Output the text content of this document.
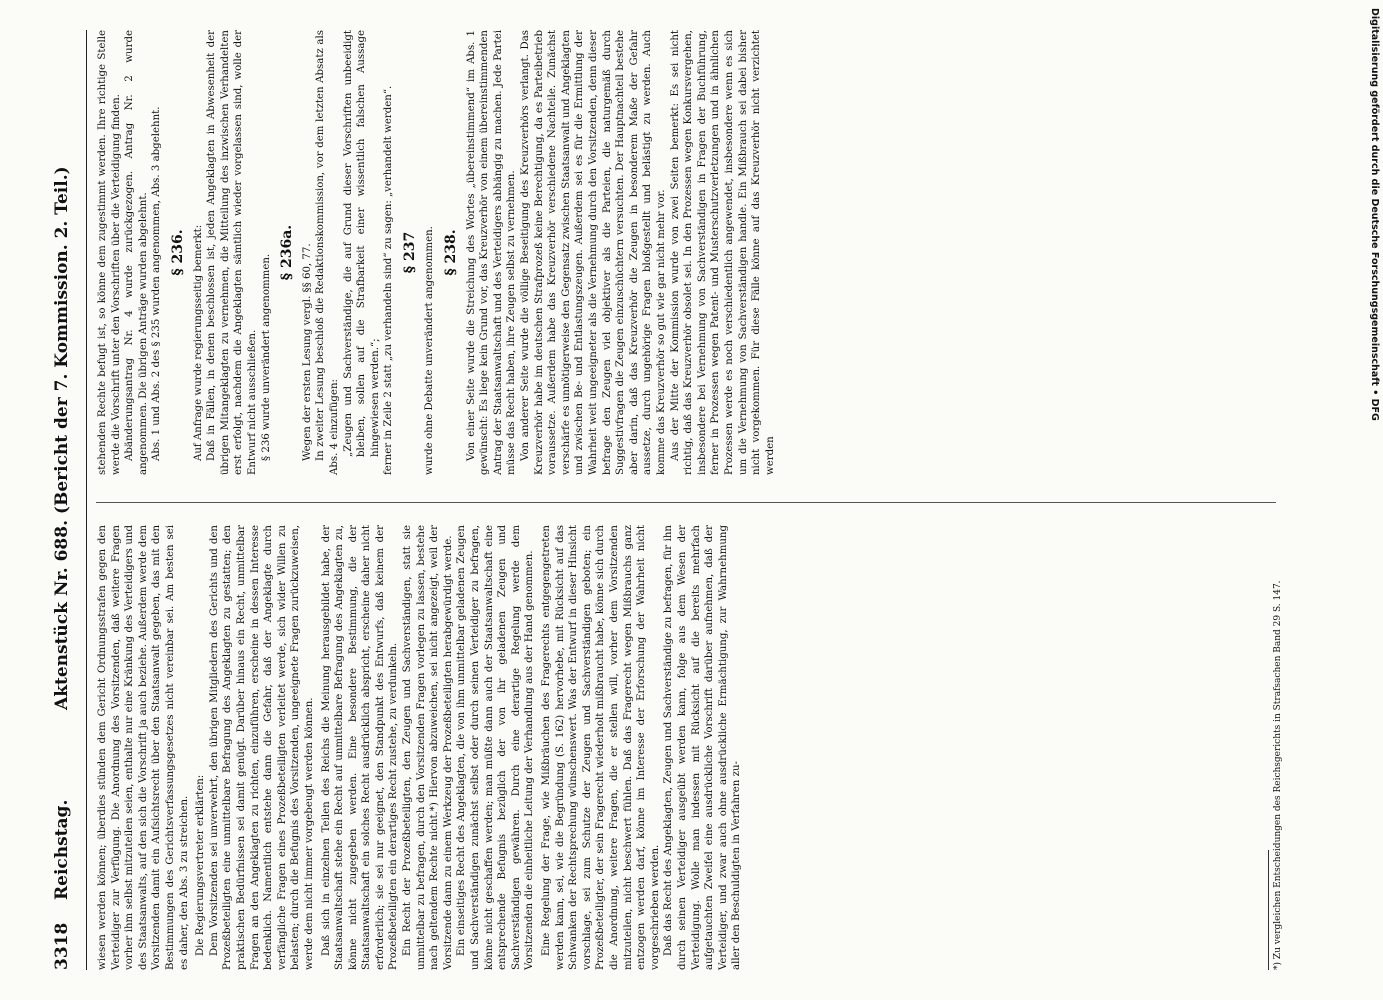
3318
Reichstag.
Aktenstück Nr. 688. (Bericht der 7. Kommission. 2. Teil.)

wiesen werden können; überdies stünden dem Gericht Ordnungsstrafen gegen den Verteidiger zur Verfügung. Die Anordnung des Vorsitzenden, daß weitere Fragen vorher ihm selbst mitzuteilen seien, enthalte nur eine Kränkung des Verteidigers und des Staatsanwalts, auf den sich die Vorschrift ja auch beziehe. Außerdem werde dem Vorsitzenden damit ein Aufsichtsrecht über den Staatsanwalt gegeben, das mit den Bestimmungen des Gerichtsverfassungsgesetzes nicht vereinbar sei. Am besten sei es daher, den Abs. 3 zu streichen. Die Regierungsvertreter erklärten: Dem Vorsitzenden sei unverwehrt, den übrigen Mitgliedern des Gerichts und den Prozeßbeteiligten eine unmittelbare Befragung des Angeklagten zu gestatten; den praktischen Bedürfnissen sei damit genügt. Darüber hinaus ein Recht, unmittelbar Fragen an den Angeklagten zu richten, einzuführen, erscheine in dessen Interesse bedenklich. Namentlich entstehe dann die Gefahr, daß der Angeklagte durch verfängliche Fragen eines Prozeßbeteiligten verleitet werde, sich wider Willen zu belasten; durch die Befugnis des Vorsitzenden, ungeeignete Fragen zurückzuweisen, werde dem nicht immer vorgebeugt werden können. Daß sich in einzelnen Teilen des Reichs die Meinung herausgebildet habe, der Staatsanwaltschaft stehe ein Recht auf unmittelbare Befragung des Angeklagten zu, könne nicht zugegeben werden. Eine besondere Bestimmung, die der Staatsanwaltschaft ein solches Recht ausdrücklich abspricht, erscheine daher nicht erforderlich; sie sei nur geeignet, den Standpunkt des Entwurfs, daß keinem der Prozeßbeteiligten ein derartiges Recht zustehe, zu verdunkeln. Ein Recht der Prozeßbeteiligten, den Zeugen und Sachverständigen, statt sie unmittelbar zu befragen, durch den Vorsitzenden Fragen vorlegen zu lassen, bestehe nach geltendem Rechte nicht.*) Hiervon abzuweichen, sei nicht angezeigt, weil der Vorsitzende dann zu einem Werkzeug der Prozeßbeteiligten herabgewürdigt werde. Ein einseitiges Recht des Angeklagten, die von ihm unmittelbar geladenen Zeugen und Sachverständigen zunächst selbst oder durch seinen Verteidiger zu befragen, könne nicht geschaffen werden; man müßte dann auch der Staatsanwaltschaft eine entsprechende Befugnis bezüglich der von ihr geladenen Zeugen und Sachverständigen gewähren. Durch eine derartige Regelung werde dem Vorsitzenden die einheitliche Leitung der Verhandlung aus der Hand genommen. Eine Regelung der Frage, wie Mißbräuchen des Fragerechts entgegengetreten werden kann, sei, wie die Begründung (S. 162) hervorhebe, mit Rücksicht auf das Schwanken der Rechtsprechung wünschenswert. Was der Entwurf in dieser Hinsicht vorschlage, sei zum Schutze der Zeugen und Sachverständigen geboten; ein Prozeßbeteiligter, der sein Fragerecht wiederholt mißbraucht habe, könne sich durch die Anordnung, weitere Fragen, die er stellen will, vorher dem Vorsitzenden mitzuteilen, nicht beschwert fühlen. Daß das Fragerecht wegen Mißbrauchs ganz entzogen werden darf, könne im Interesse der Erforschung der Wahrheit nicht vorgeschrieben werden. Daß das Recht des Angeklagten, Zeugen und Sachverständige zu befragen, für ihn durch seinen Verteidiger ausgeübt werden kann, folge aus dem Wesen der Verteidigung. Wolle man indessen mit Rücksicht auf die bereits mehrfach aufgetauchten Zweifel eine ausdrückliche Vorschrift darüber aufnehmen, daß der Verteidiger, und zwar auch ohne ausdrückliche Ermächtigung, zur Wahrnehmung aller den Beschuldigten in Verfahren zu-

stehenden Rechte befugt ist, so könne dem zugestimmt werden. Ihre richtige Stelle werde die Vorschrift unter den Vorschriften über die Verteidigung finden. Abänderungsantrag Nr. 4 wurde zurückgezogen. Antrag Nr. 2 wurde angenommen. Die übrigen Anträge wurden abgelehnt. Abs. 1 und Abs. 2 des § 235 wurden angenommen, Abs. 3 abgelehnt. § 236. Auf Anfrage wurde regierungsseitig bemerkt: Daß in Fällen, in denen beschlossen ist, jeden Angeklagten in Abwesenheit der übrigen Mitangeklagten zu vernehmen, die Mitteilung des inzwischen Verhandelten erst erfolgt, nachdem die Angeklagten sämtlich wieder vorgelassen sind, wolle der Entwurf nicht ausschließen. § 236 wurde unverändert angenommen.

§ 236a. Wegen der ersten Lesung vergl. §§ 60, 77. In zweiter Lesung beschloß die Redaktionskommission, vor dem letzten Absatz als Abs. 4 einzufügen: „Zeugen und Sachverständige, die auf Grund dieser Vorschriften unbeeidigt bleiben, sollen auf die Strafbarkeit einer wissentlich falschen Aussage hingewiesen werden.“; ferner in Zeile 2 statt „zu verhandeln sind“ zu sagen: „verhandelt werden“. § 237 wurde ohne Debatte unverändert angenommen. § 238. Von einer Seite wurde die Streichung des Wortes „übereinstimmend“ im Abs. 1 gewünscht: Es liege kein Grund vor, das Kreuzverhör von einem übereinstimmenden Antrag der Staatsanwaltschaft und des Verteidigers abhängig zu machen. Jede Partei müsse das Recht haben, ihre Zeugen selbst zu vernehmen. Von anderer Seite wurde die völlige Beseitigung des Kreuzverhörs verlangt. Das Kreuzverhör habe im deutschen Strafprozeß keine Berechtigung, da es Parteibetrieb voraussetze. Außerdem habe das Kreuzverhör verschiedene Nachteile. Zunächst verschärfe es unnötigerweise den Gegensatz zwischen Staatsanwalt und Angeklagten und zwischen Be- und Entlastungszeugen. Außerdem sei es für die Ermittlung der Wahrheit weit ungeeigneter als die Vernehmung durch den Vorsitzenden, denn dieser befrage den Zeugen viel objektiver als die Parteien, die naturgemäß durch Suggestivfragen die Zeugen einzuschüchtern versuchten. Der Hauptnachteil bestehe aber darin, daß das Kreuzverhör die Zeugen in besonderem Maße der Gefahr aussetze, durch ungehörige Fragen bloßgestellt und belästigt zu werden. Auch komme das Kreuzverhör so gut wie gar nicht mehr vor. Aus der Mitte der Kommission wurde von zwei Seiten bemerkt: Es sei nicht richtig, daß das Kreuzverhör obsolet sei. In den Prozessen wegen Konkursvergehen, insbesondere bei Vernehmung von Sachverständigen in Fragen der Buchführung, ferner in Prozessen wegen Patent- und Musterschutzverletzungen und in ähnlichen Prozessen werde es noch verschiedentlich angewendet, insbesondere wenn es sich um die Vernehmung von Sachverständigen handle. Ein Mißbrauch sei dabei bisher nicht vorgekommen. Für diese Fälle könne auf das Kreuzverhör nicht verzichtet werden

*) Zu vergleichen Entscheidungen des Reichsgerichts in Strafsachen Band 29 S. 147.
Digitalisierung gefördert durch die Deutsche Forschungsgemeinschaft • DFG
